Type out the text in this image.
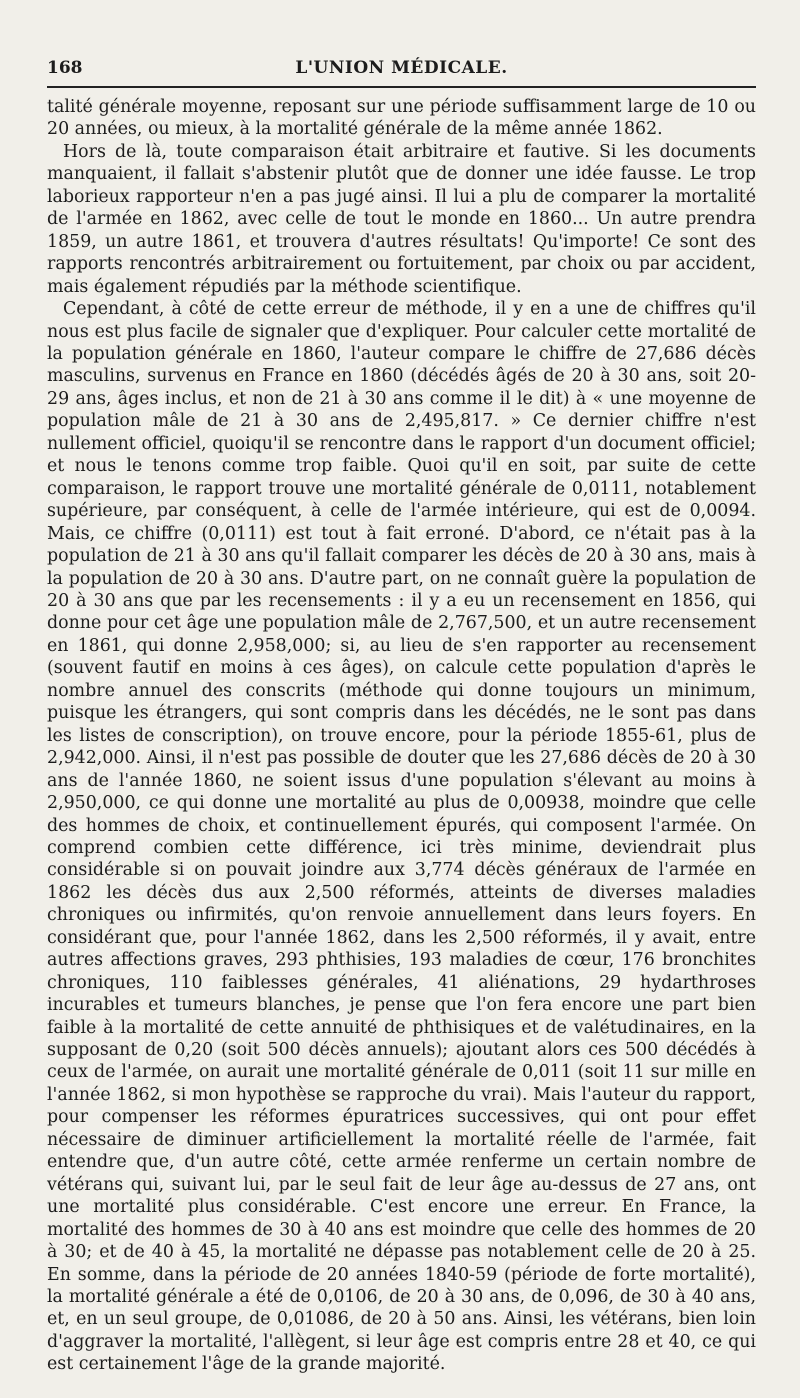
168	L'UNION MÉDICALE.

talité générale moyenne, reposant sur une période suffisamment large de 10 ou 20 années, ou mieux, à la mortalité générale de la même année 1862.

Hors de là, toute comparaison était arbitraire et fautive. Si les documents manquaient, il fallait s'abstenir plutôt que de donner une idée fausse. Le trop laborieux rapporteur n'en a pas jugé ainsi. Il lui a plu de comparer la mortalité de l'armée en 1862, avec celle de tout le monde en 1860... Un autre prendra 1859, un autre 1861, et trouvera d'autres résultats! Qu'importe! Ce sont des rapports rencontrés arbitrairement ou fortuitement, par choix ou par accident, mais également répudiés par la méthode scientifique.

Cependant, à côté de cette erreur de méthode, il y en a une de chiffres qu'il nous est plus facile de signaler que d'expliquer. Pour calculer cette mortalité de la population générale en 1860, l'auteur compare le chiffre de 27,686 décès masculins, survenus en France en 1860 (décédés âgés de 20 à 30 ans, soit 20-29 ans, âges inclus, et non de 21 à 30 ans comme il le dit) à « une moyenne de population mâle de 21 à 30 ans de 2,495,817. » Ce dernier chiffre n'est nullement officiel, quoiqu'il se rencontre dans le rapport d'un document officiel; et nous le tenons comme trop faible. Quoi qu'il en soit, par suite de cette comparaison, le rapport trouve une mortalité générale de 0,0111, notablement supérieure, par conséquent, à celle de l'armée intérieure, qui est de 0,0094. Mais, ce chiffre (0,0111) est tout à fait erroné. D'abord, ce n'était pas à la population de 21 à 30 ans qu'il fallait comparer les décès de 20 à 30 ans, mais à la population de 20 à 30 ans. D'autre part, on ne connaît guère la population de 20 à 30 ans que par les recensements : il y a eu un recensement en 1856, qui donne pour cet âge une population mâle de 2,767,500, et un autre recensement en 1861, qui donne 2,958,000; si, au lieu de s'en rapporter au recensement (souvent fautif en moins à ces âges), on calcule cette population d'après le nombre annuel des conscrits (méthode qui donne toujours un minimum, puisque les étrangers, qui sont compris dans les décédés, ne le sont pas dans les listes de conscription), on trouve encore, pour la période 1855-61, plus de 2,942,000. Ainsi, il n'est pas possible de douter que les 27,686 décès de 20 à 30 ans de l'année 1860, ne soient issus d'une population s'élevant au moins à 2,950,000, ce qui donne une mortalité au plus de 0,00938, moindre que celle des hommes de choix, et continuellement épurés, qui composent l'armée. On comprend combien cette différence, ici très minime, deviendrait plus considérable si on pouvait joindre aux 3,774 décès généraux de l'armée en 1862 les décès dus aux 2,500 réformés, atteints de diverses maladies chroniques ou infirmités, qu'on renvoie annuellement dans leurs foyers. En considérant que, pour l'année 1862, dans les 2,500 réformés, il y avait, entre autres affections graves, 293 phthisies, 193 maladies de cœur, 176 bronchites chroniques, 110 faiblesses générales, 41 aliénations, 29 hydarthroses incurables et tumeurs blanches, je pense que l'on fera encore une part bien faible à la mortalité de cette annuité de phthisiques et de valétudinaires, en la supposant de 0,20 (soit 500 décès annuels); ajoutant alors ces 500 décédés à ceux de l'armée, on aurait une mortalité générale de 0,011 (soit 11 sur mille en l'année 1862, si mon hypothèse se rapproche du vrai). Mais l'auteur du rapport, pour compenser les réformes épuratrices successives, qui ont pour effet nécessaire de diminuer artificiellement la mortalité réelle de l'armée, fait entendre que, d'un autre côté, cette armée renferme un certain nombre de vétérans qui, suivant lui, par le seul fait de leur âge au-dessus de 27 ans, ont une mortalité plus considérable. C'est encore une erreur. En France, la mortalité des hommes de 30 à 40 ans est moindre que celle des hommes de 20 à 30; et de 40 à 45, la mortalité ne dépasse pas notablement celle de 20 à 25. En somme, dans la période de 20 années 1840-59 (période de forte mortalité), la mortalité générale a été de 0,0106, de 20 à 30 ans, de 0,096, de 30 à 40 ans, et, en un seul groupe, de 0,01086, de 20 à 50 ans. Ainsi, les vétérans, bien loin d'aggraver la mortalité, l'allègent, si leur âge est compris entre 28 et 40, ce qui est certainement l'âge de la grande majorité.
